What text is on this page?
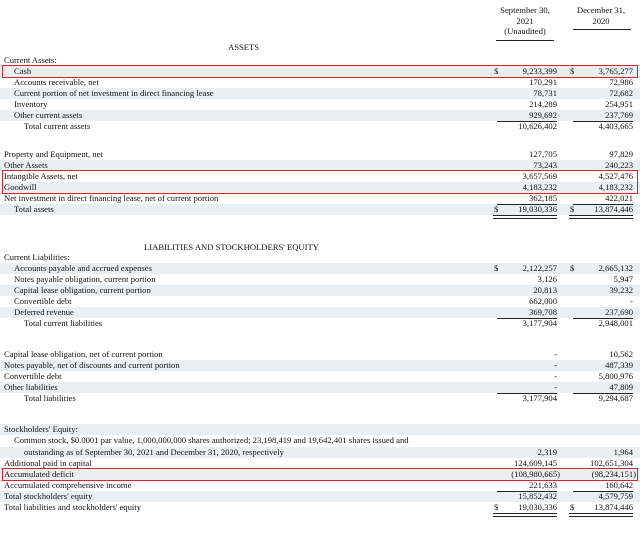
September 30,
2021
(Unaudited)
December 31,
2020
ASSETS
Current Assets:
Cash	9,233,399	3,765,277
$	$
Accounts receivable, net	170,291	72,986
Current portion of net investment in direct financing lease	78,731	72,682
Inventory	214,289	254,951
Other current assets	929,692	237,769
Total current assets	10,626,402	4,403,665
Property and Equipment, net	127,705	97,829
Other Assets	73,243	240,223
Intangible Assets, net	3,657,569	4,527,476
Goodwill	4,183,232	4,183,232
Net investment in direct financing lease, net of current portion	362,185	422,021
Total assets	19,030,336	13,874,446
$	$
Current Liabilities:
Accounts payable and accrued expenses	2,122,257	2,665,132
$	$
Notes payable obligation, current portion	3,126	5,947
Capital lease obligation, current portion	20,813	39,232
Convertible debt	662,000	-
Deferred revenue	369,708	237,690
Total current liabilities	3,177,904	2,948,001
Capital lease obligation, net of current portion	-	10,562
Notes payable, net of discounts and current portion	-	487,339
Convertible debt	-	5,800,976
Other liabilities	-	47,809
Total liabilities	3,177,904	9,294,687
Stockholders' Equity:
Common stock, $0.0001 par value, 1,000,000,000 shares authorized; 23,198,419 and 19,642,401 shares issued and
outstanding as of September 30, 2021 and December 31, 2020, respectively	2,319	1,964
Additional paid in capital	124,609,145	102,651,304
Accumulated deficit	(108,980,665)	(98,234,151)
Accumulated comprehensive income	221,633	160,642
Total stockholders' equity	15,852,432	4,579,759
Total liabilities and stockholders' equity	19,030,336	13,874,446
$	$
LIABILITIES AND STOCKHOLDERS' EQUITY
